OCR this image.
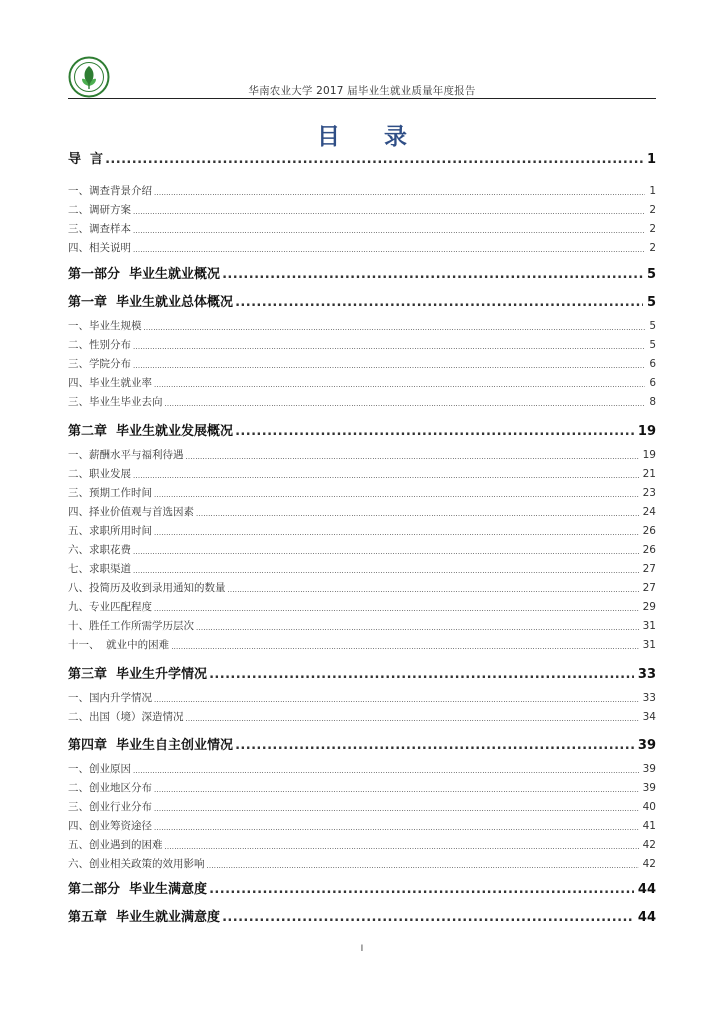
华南农业大学 2017 届毕业生就业质量年度报告
目 录
导  言 .....	1
一、调查背景介绍 .....	1
二、调研方案 .....	2
三、调查样本 .....	2
四、相关说明 .....	2
第一部分  毕业生就业概况 .....	5
第一章  毕业生就业总体概况 .....	5
一、毕业生规模 .....	5
二、性别分布 .....	5
三、学院分布 .....	6
四、毕业生就业率 .....	6
三、毕业生毕业去向 .....	8
第二章  毕业生就业发展概况 .....	19
一、薪酬水平与福利待遇 .....	19
二、职业发展 .....	21
三、预期工作时间 .....	23
四、择业价值观与首选因素 .....	24
五、求职所用时间 .....	26
六、求职花费 .....	26
七、求职渠道 .....	27
八、投简历及收到录用通知的数量 .....	27
九、专业匹配程度 .....	29
十、胜任工作所需学历层次 .....	31
十一、  就业中的困难 .....	31
第三章  毕业生升学情况 .....	33
一、国内升学情况 .....	33
二、出国（境）深造情况 .....	34
第四章  毕业生自主创业情况 .....	39
一、创业原因 .....	39
二、创业地区分布 .....	39
三、创业行业分布 .....	40
四、创业筹资途径 .....	41
五、创业遇到的困难 .....	42
六、创业相关政策的效用影响 .....	42
第二部分  毕业生满意度 .....	44
第五章  毕业生就业满意度 .....	44
I
